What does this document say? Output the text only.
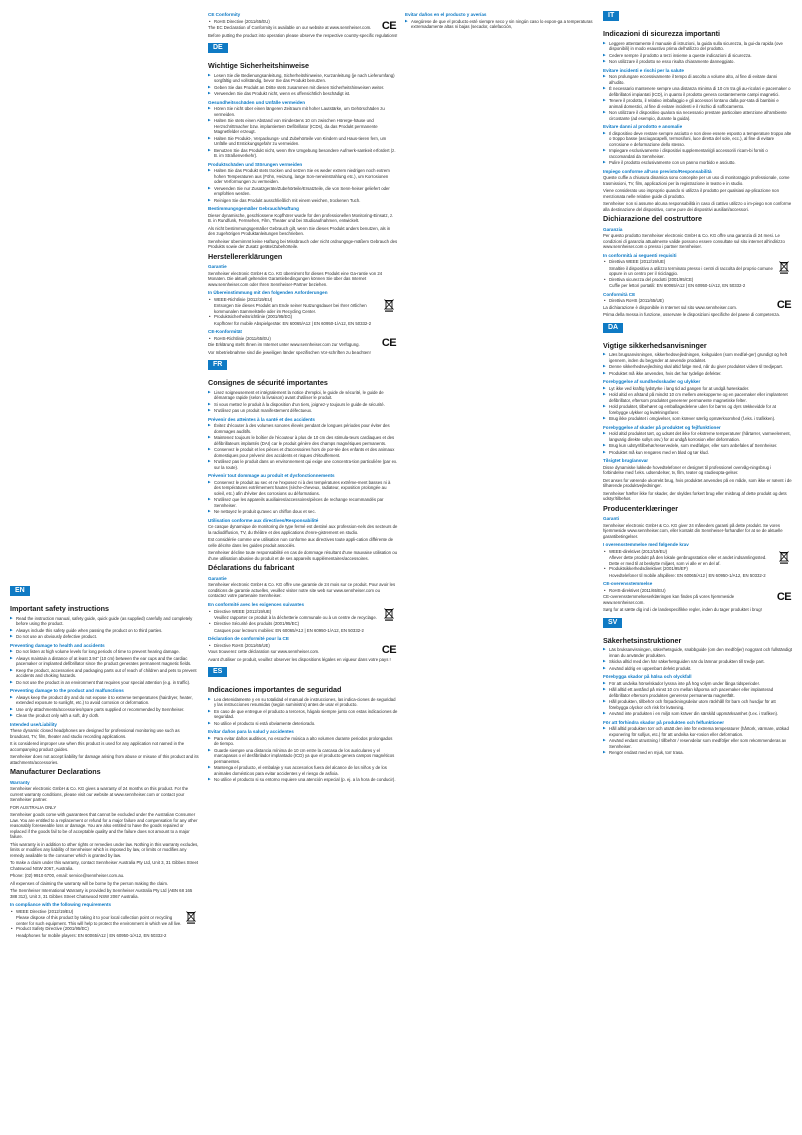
EN
Important safety instructions
▶ Read the instruction manual, safety guide, quick guide (as supplied) carefully and completely before using the product.
▶ Always include this safety guide when passing the product on to third parties.
▶ Do not use an obviously defective product.
Preventing damage to health and accidents
▶ Do not listen at high volume levels for long periods of time to prevent hearing damage.
▶ Always maintain a distance of at least 3.94" (10 cm) between the ear cups and the cardiac pacemaker or implanted defibrillator since the product generates permanent magnetic fields.
▶ Keep the product, accessories and packaging parts out of reach of children and pets to prevent accidents and choking hazards.
▶ Do not use the product in an environment that requires your special attention (e.g. in traffic).
Preventing damage to the product and malfunctions
▶ Always keep the product dry and do not expose it to extreme temperatures (hairdryer, heater, extended exposure to sunlight, etc.) to avoid corrosion or deformation.
▶ Use only attachments/accessories/spare parts supplied or recommended by Sennheiser.
▶ Clean the product only with a soft, dry cloth.
Intended use/Liability

These dynamic closed headphones are designed for professional monitoring use such as broadcast, TV, film, theater and studio recording applications.

It is considered improper use when this product is used for any application not named in the accompanying product guides.

Sennheiser does not accept liability for damage arising from abuse or misuse of this product and its attachments/accessories.

Manufacturer Declarations
Warranty

Sennheiser electronic GmbH & Co. KG gives a warranty of 24 months on this product. For the current warranty conditions, please visit our website at www.sennheiser.com or contact your Sennheiser partner.

FOR AUSTRALIA ONLY

Sennheiser goods come with guarantees that cannot be excluded under the Australian Consumer Law. You are entitled to a replacement or refund for a major failure and compensation for any other reasonably foreseeable loss or damage. You are also entitled to have the goods repaired or replaced if the goods fail to be of acceptable quality and the failure does not amount to a major failure.

This warranty is in addition to other rights or remedies under law. Nothing in this warranty excludes, limits or modifies any liability of Sennheiser which is imposed by law, or limits or modifies any remedy available to the consumer which is granted by law.

To make a claim under this warranty, contact Sennheiser Australia Pty Ltd, Unit 3, 31 Gibbes Street Chatswood NSW 2067, Australia.

Phone: (02) 9910 6700, email: service@sennheiser.com.au.

All expenses of claiming the warranty will be borne by the person making the claim.

The Sennheiser International Warranty is provided by Sennheiser Australia Pty Ltd (ABN 68 165 388 312), Unit 3, 31 Gibbes Street Chatswood NSW 2067 Australia.

In compliance with the following requirements
• WEEE Directive (2012/19/EU)
Please dispose of this product by taking it to your local collection point or recycling center for such equipment. This will help to protect the environment in which we all live.
• Product Safety Directive (2001/95/EC)
Headphones for mobile players: EN 60065/A12 | EN 60950-1/A12, EN 50332-2
CE Conformity
• RoHS Directive (2011/65/EU)

The EC Declaration of Conformity is available on our website at www.sennheiser.com. CE

Before putting the product into operation please observe the respective country-specific regulations!

DE
Wichtige Sicherheitshinweise
▶ Lesen Sie die Bedienungsanleitung, Sicherheitshinweise, Kurzanleitung (je nach Lieferumfang) sorgfältig und vollständig, bevor Sie das Produkt benutzen.
▶ Geben Sie das Produkt an Dritte stets zusammen mit diesen Sicherheitshinweisen weiter.
▶ Verwenden Sie das Produkt nicht, wenn es offensichtlich beschädigt ist.
Gesundheitsschäden und Unfälle vermeiden
▶ Hören Sie nicht über einen längeren Zeitraum mit hoher Lautstärke, um Gehörschäden zu vermeiden.
▶ Halten Sie stets einen Abstand von mindestens 10 cm zwischen Hörerge-häuse und Herzschrittmacher bzw. implantiertem Defibrillator (ICDs), da das Produkt permanente Magnetfelder erzeugt.
▶ Halten Sie Produkt-, Verpackungs- und Zubehörteile von Kindern und Haus-tieren fern, um Unfälle und Erstickungsgefahr zu vermeiden.
▶ Benutzen Sie das Produkt nicht, wenn Ihre Umgebung besondere Aufmerk-samkeit erfordert (z. B. im Straßenverkehr).
Produktschäden und Störungen vermeiden
▶ Halten Sie das Produkt stets trocken und setzen Sie es weder extrem niedrigen noch extrem hohen Temperaturen aus (Föhn, Heizung, lange Son-neneinstrahlung etc.), um Korrosionen oder Verformungen zu vermeiden.
▶ Verwenden Sie nur Zusatzgeräte/Zubehörteile/Ersatzteile, die von Senn-heiser geliefert oder empfohlen werden.
▶ Reinigen Sie das Produkt ausschließlich mit einem weichen, trockenen Tuch.
Bestimmungsgemäßer Gebrauch/Haftung

Dieser dynamische, geschlossene Kopfhörer wurde für den professionellen Monitoring-Einsatz, z. B. in Rundfunk, Fernsehen, Film, Theater und bei Studioaufnahmen, entwickelt.

Als nicht bestimmungsgemäßer Gebrauch gilt, wenn Sie dieses Produkt anders benutzen, als in den zugehörigen Produktanleitungen beschrieben.

Sennheiser übernimmt keine Haftung bei Missbrauch oder nicht ordnungsge-mäßem Gebrauch des Produkts sowie der Zusatz geräte/Zubehörteile.

Herstellererklärungen
Garantie

Sennheiser electronic GmbH & Co. KG übernimmt für dieses Produkt eine Ga-rantie von 24 Monaten. Die aktuell geltenden Garantiebedingungen können Sie über das Internet www.sennheiser.com oder Ihren Sennheiser-Partner beziehen.

In Übereinstimmung mit den folgenden Anforderungen
• WEEE-Richtlinie (2012/19/EU)
Entsorgen Sie dieses Produkt am Ende seiner Nutzungsdauer bei Ihrer örtlichen kommunalen Sammelstelle oder im Recycling Center.
• Produktsicherheitsrichtlinie (2001/95/EG)
Kopfhörer für mobile Abspielgeräte: EN 60065/A12 | EN 60950-1/A12, EN 50332-2
CE-Konformität
• RoHS-Richtlinie (2011/65/EU)

Die Erklärung steht Ihnen im Internet unter www.sennheiser.com zur Verfügung.	CE

Vor Inbetriebnahme sind die jeweiligen länder spezifischen Vor-schriften zu beachten!

FR
Consignes de sécurité importantes
▶ Lisez soigneusement et intégralement la notice d'emploi, le guide de sécurité, le guide de démarrage rapide (selon la livraison) avant d'utiliser le produit.
▶ Si vous mettez le produit à la disposition d'un tiers, joignez-y toujours le guide de sécurité.
▶ N'utilisez pas un produit manifestement défectueux.
Prévenir des atteintes à la santé et des accidents
▶ Évitez d'écouter à des volumes sonores élevés pendant de longues périodes pour éviter des dommages auditifs.
▶ Maintenez toujours le boîtier de l'écouteur à plus de 10 cm des stimula-teurs cardiaques et des défibrillateurs implantés (DAI) car le produit génère des champs magnétiques permanents.
▶ Conservez le produit et les pièces et d'accessoires hors de por-tée des enfants et des animaux domestiques pour prévenir des accidents et risques d'étouffement.
▶ N'utilisez pas le produit dans un environnement qui exige une concentra-tion particulière (par ex. sur la route).
Prévenir tout dommage au produit et dysfonctionnements
▶ Conservez le produit au sec et ne l'exposez ni à des températures extrême-ment basses ni à des températures extrêmement hautes (sèche-cheveux, radiateur, exposition prolongée au soleil, etc.) afin d'éviter des corrosions ou déformations.
▶ N'utilisez que les appareils auxiliaires/accessoires/pièces de rechange recommandés par Sennheiser.
▶ Ne nettoyez le produit qu'avec un chiffon doux et sec.
Utilisation conforme aux directives/Responsabilité

Ce casque dynamique de monitoring de type fermé est destiné aux profession-nels des secteurs de la radiodiffusion, TV, du théâtre et des applications d'enre-gistrement en studio.

Est considérée comme une utilisation non conforme aux directives toute appli-cation différente de celle décrite dans les guides produit associés.

Sennheiser décline toute responsabilité en cas de dommage résultant d'une mauvaise utilisation ou d'une utilisation abusive du produit et de ses appareils supplémentaires/accessoires.

Déclarations du fabricant
Garantie

Sennheiser electronic GmbH & Co. KG offre une garantie de 24 mois sur ce produit. Pour avoir les conditions de garantie actuelles, veuillez visiter notre site web sur www.sennheiser.com ou contactez votre partenaire Sennheiser.

En conformité avec les exigences suivantes
• Directive WEEE (2012/19/UE)
Veuillez rapporter ce produit à la déchetterie communale ou à un centre de recyclage.
• Directive Sécurité des produits (2001/95/EC)
Casques pour lecteurs mobiles: EN 60065/A12 | EN 60950-1/A12, EN 50332-2
Déclaration de conformité pour la CE
• Directive RoHS (2011/65/UE)

Vous trouverez cette déclaration sur www.sennheiser.com.	CE

Avant d'utiliser ce produit, veuillez observer les dispositions légales en vigueur dans votre pays !

ES
Indicaciones importantes de seguridad
▶ Lea detenidamente y en su totalidad el manual de instrucciones, las indica-ciones de seguridad y las instrucciones resumidas (según suministro) antes de usar el producto.
▶ En caso de que entregue el producto a terceros, hágalo siempre junto con estas indicaciones de seguridad.
▶ No utilice el producto si está obviamente deteriorado.
Evitar daños para la salud y accidentes
▶ Para evitar daños auditivos, no escuche música a alto volumen durante periodos prolongados de tiempo.
▶ Guarde siempre una distancia mínima de 10 cm entre la carcasa de los auriculares y el marcapasos o el desfibrilador implantado (ICD) ya que el producto genera campos magnéticos permanentes.
▶ Mantenga el producto, el embalaje y sus accesorios fuera del alcance de los niños y de los animales domésticos para evitar accidentes y el riesgo de asfixia.
▶ No utilice el producto si su entorno requiere una atención especial (p. ej. a la hora de conducir).
Evitar daños en el producto y averías
▶ Asegúrese de que el producto esté siempre seco y sin ningún caso lo expon-ga a temperaturas extremadamente altas ni bajas (secador, calefacción,
IT
Indicazioni di sicurezza importanti
▶ Leggere attentamente il manuale di istruzioni, la guida sulla sicurezza, la gui-da rapida (ove disponibili) in modo esaustivo prima dell'utilizzo del prodotto.
▶ Cedere sempre il prodotto a terzi insieme a queste indicazioni di sicurezza.
▶ Non utilizzare il prodotto se esso risulta chiaramente danneggiato.
Evitare incidenti e rischi per la salute
▶ Non prolungare eccessivamente il tempo di ascolto a volume alto, al fine di evitare danni all'udito.
▶ È necessario mantenere sempre una distanza minima di 10 cm tra gli au-ricolari e pacemaker o defibrillatori impiantati (ICD), in quanto il prodotto genera costantemente campi magnetici.
▶ Tenere il prodotto, il relativo imballaggio e gli accessori lontano dalla por-tata di bambini e animali domestici, al fine di evitare incidenti e il rischio di soffocamento.
▶ Non utilizzare il dispositivo qualora sia necessario prestare particolare attenzione all'ambiente circostante (ad esempio, durante la guida).
Evitare danni al prodotto e anomalie
▶ Il dispositivo deve restare sempre asciutto e non deve essere esposto a temperature troppo alte o troppo basse (asciugacapelli, termosifoni, luce diretta del sole, ecc.), al fine di evitare corrosione e deformazione dello stesso.
▶ Impiegare esclusivamente i dispositivi supplementari/gli accessori/i ricam-bi forniti o raccomandati da Sennheiser.
▶ Pulire il prodotto esclusivamente con un panno morbido e asciutto.
Impiego conforme all'uso previsto/Responsabilità

Queste cuffie a chiusura dinamica sono concepite per un uso di monitoraggio professionale, come trasmissioni, TV, film, applicazioni per la registrazione in teatro e in studio.

Viene considerato uso improprio quando si utilizza il prodotto per qualsiasi ap-plicazione non menzionata nelle relative guide di prodotto.

Sennheiser non si assume alcuna responsabilità in caso di cattivo utilizzo o im-piego non conforme alla destinazione del dispositivo, come pure dei dispositivi ausiliari/accessori.

Dichiarazione del costruttore
Garanzia

Per questo prodotto Sennheiser electronic GmbH & Co. KG offre una garanzia di 24 mesi. Le condizioni di garanzia attualmente valide possono essere consultate sul sito internet all'indirizzo www.sennheiser.com o presso i partner Sennheiser.

In conformità ai seguenti requisiti
• Direttiva WEEE (2012/19/UE)
Smaltire il dispositivo a utilizzo terminato presso i centri di raccolta del proprio comune oppure in un centro per il riciclaggio.
• Direttiva sicurezza del prodotti (2001/95/CE)
Cuffie per lettori portatili: EN 60065/A12 | EN 60950-1/A12, EN 50332-2
Conformità CE
• Direttiva RoHS (2011/65/UE)

La dichiarazione è disponibile in Internet sul sito www.sennheiser.com.	CE

Prima della messa in funzione, osservare le disposizioni specifiche del paese di competenza.

DA
Vigtige sikkerhedsanvisninger
▶ Læs brugsanvisningen, sikkerhedsvejledningen, kvikguiden (som medføl-ger) grundigt og helt igennem, inden du begynder at anvende produktet.
▶ Denne sikkerhedsvejledning skal altid følge med, når du giver produktet videre til tredjepart.
▶ Produktet må ikke anvendes, hvis det har tydelige defekter.
Forebyggelse af sundhedsskader og ulykker
▶ Lyt ikke ved kraftig lydstyrke i lang tid ad gangen for at undgå høreskader.
▶ Hold altid en afstand på mindst 10 cm mellem ørekopperne og en pacemaker eller implanteret defibrillator, eftersom produktet genererer permanente magnetiske felter.
▶ Hold produktet, tilbehøret og emballagedelene uden for børns og dyrs rækkevidde for at forebygge ulykker og kvælningsfarer.
▶ Brug ikke produktet i omgivelser, som kræver særlig opmærksomhed (f.eks. i trafikken).
Forebyggelse af skader på produktet og fejlfunktioner
▶ Hold altid produktet tørt, og udsæt det ikke for ekstreme temperaturer (hårtørrer, varmeelement, langvarig direkte sollys osv.) for at undgå korrosion eller deformation.
▶ Brug kun udstyr/tilbehør/reservedele, som medfølger, eller som anbefales af Sennheiser.
▶ Produktet må kun rengøres med en blød og tør klud.
Tilsigtet brug/ansvar

Disse dynamiske lukkede hovedtelefoner er designet til professionel overvåg-ningsbrug i forbindelse med f.eks. udsendelser, tv, film, teater og studieopta-gelser.

Det anses for værende ukorrekt brug, hvis produktet anvendes på en måde, som ikke er nævnt i de tilhørende produktvejledninger.

Sennheiser hæfter ikke for skader, der skyldes forkert brug eller misbrug af dette produkt og dets udstyr/tilbehør.

Producenterklæringer
Garanti

Sennheiser electronic GmbH & Co. KG giver 24 måneders garanti på dette produkt. Se vores hjemmeside www.sennheiser.com, eller kontakt din Sennheiser-forhandler for at se de aktuelle garantibetingelser.

I overensstemmelse med følgende krav
• WEEE-direktivet (2012/19/EU)
Aflever dette produkt på den lokale genbrugsstation eller et andet indsamlingssted. Dette er med til at beskytte miljøet, som vi alle er en del af.
• Produktsikkerhedsdirektivet (2001/95/EF)
Hovedtelefoner til mobile afspillere: EN 60065/A12 | EN 60950-1/A12, EN 50332-2
CE-overensstemmelse
• RoHS-direktivet (2011/65/EU)

CE-overensstemmelseserklæringen kan findes på vores hjemmeside www.sennheiser.com.	CE

Sørg for at sætte dig ind i de landespecifikke regler, inden du tager produktet i brug!

SV
Säkerhetsinstruktioner
▶ Läs bruksanvisningen, säkerhetsguide, snabbguide (om den medföljer) noggrant och fullständigt innan du använder produkten.
▶ Skicka alltid med den här säkerhetsguiden när du lämnar produkten till tredje part.
▶ Använd aldrig en uppenbart defekt produkt.
Förebygga skador på hälsa och olyckfall
▶ För att undvika hörselskador lyssna inte på hög volym under långa tidsperioder.
▶ Håll alltid ett avstånd på minst 10 cm mellan kåporna och pacemaker eller implanterad defibrillator eftersom produkten genererar permanenta magnetfält.
▶ Håll produkten, tillbehör och förpackningsdelar utom räckhåll för barn och husdjur för att förebygga olyckor och risk för kvävning.
▶ Använd inte produkten i en miljö som kräver din särskild uppmärksamhet (t.ex. i trafiken).
För att förhindra skador på produkten och felfunktioner
▶ Håll alltid produkten torr och utsätt den inte för extrema temperaturer (hårtork, värmare, utökad exponering för solljus, etc.) för att undvika kor-rosion eller deformation.
▶ Använd endast utrustning / tillbehör / reservdelar som medföljer eller som rekommenderas av Sennheiser.
▶ Rengör endast med en mjuk, torr trasa.
